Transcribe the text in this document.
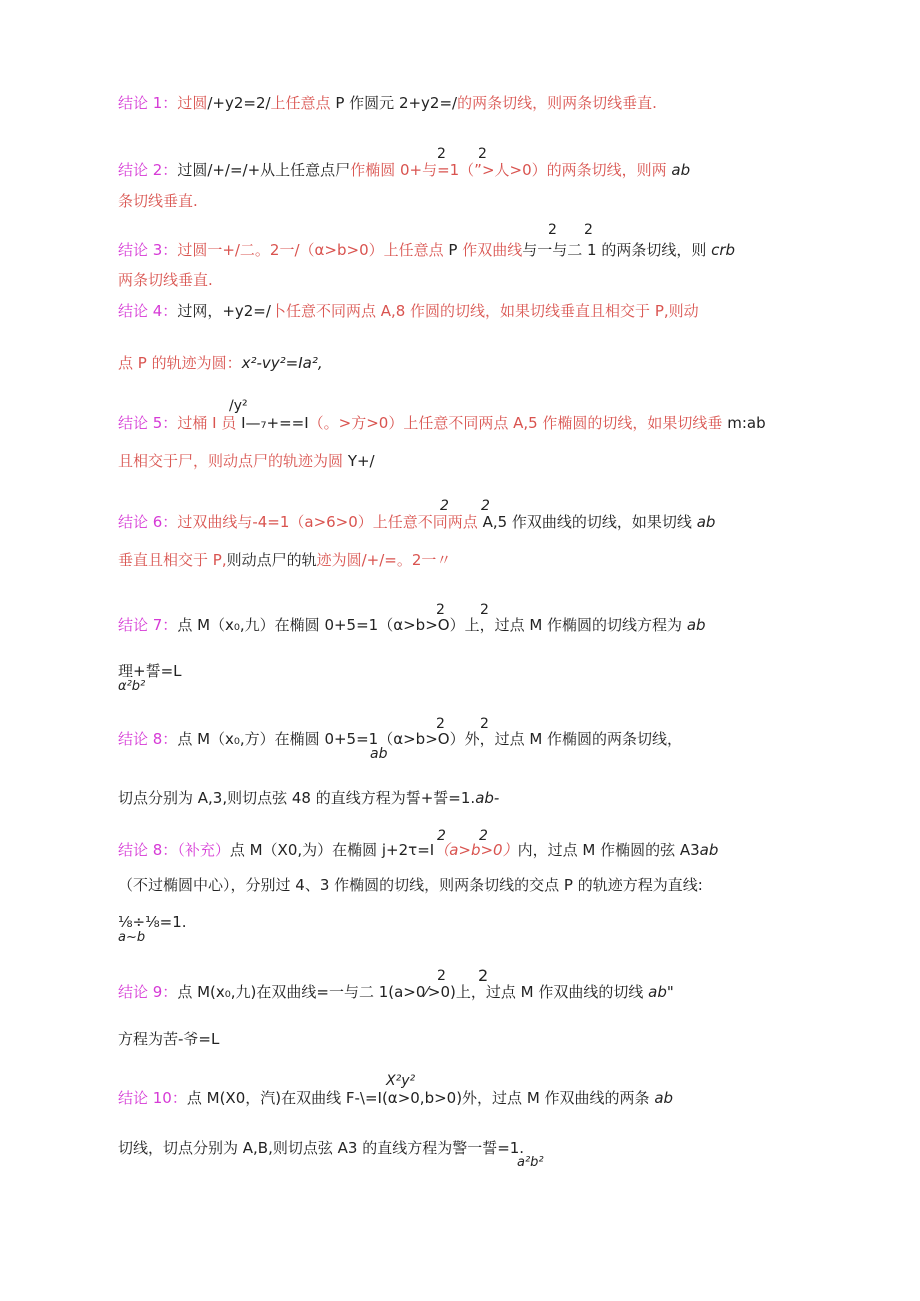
结论 1：过圆/+y2=2/上任意点 P 作圆元 2+y2=/的两条切线，则两条切线垂直.
2 2
结论 2：过圆/+/=/+从上任意点尸作椭圆 0+与=1（”>人>0）的两条切线，则两 ab
条切线垂直.
2 2
结论 3：过圆一+/二。2一/（α>b>0）上任意点 P 作双曲线与一与二 1 的两条切线，则 crb
两条切线垂直.
结论 4：过网，+y2=/卜任意不同两点 A,8 作圆的切线，如果切线垂直且相交于 P,则动
点 P 的轨迹为圆：x²-vy²=Ia²,
/y²
结论 5：过桶 I 员 I—₇+==I（。>方>0）上任意不同两点 A,5 作椭圆的切线，如果切线垂 m:ab
且相交于尸，则动点尸的轨迹为圆 Y+/
2 2
结论 6：过双曲线与-4=1（a>6>0）上任意不同两点 A,5 作双曲线的切线，如果切线 ab
垂直且相交于 P,则动点尸的轨迹为圆/+/=。2一〃
2	2
结论 7：点 M（x₀,九）在椭圆 0+5=1（α>b>O）上，过点 M 作椭圆的切线方程为 ab
理+誓=L
α²b²
2	2
结论 8：点 M（x₀,方）在椭圆 0+5=1（α>b>O）外，过点 M 作椭圆的两条切线，
ab
切点分别为 A,3,则切点弦 48 的直线方程为誓+誓=1.ab-
2 2
结论 8：（补充）点 M（X0,为）在椭圆 j+2τ=I（a>b>0）内，过点 M 作椭圆的弦 A3ab
（不过椭圆中心），分别过 4、3 作椭圆的切线，则两条切线的交点 P 的轨迹方程为直线:
⅛÷⅛=1.
a~b
2 2
结论 9：点 M(x₀,九)在双曲线=一与二 1(a>0⁄>0)上，过点 M 作双曲线的切线 ab"
方程为苦-爷=L
X²y²
结论 10：点 M(X0，汽)在双曲线 F-\=I(α>0,b>0)外，过点 M 作双曲线的两条 ab
切线，切点分别为 A,B,则切点弦 A3 的直线方程为警一誓=1.
a²b²
